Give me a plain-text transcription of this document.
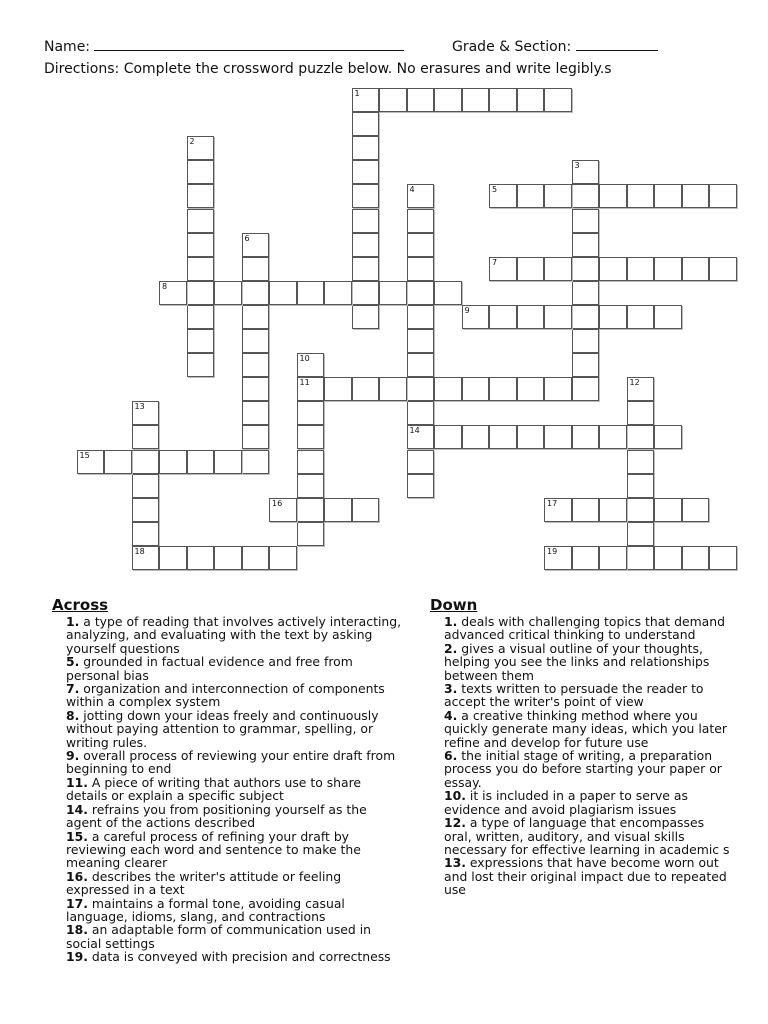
Name:	Grade & Section:
Directions: Complete the crossword puzzle below. No erasures and write legibly.s
1
2
3
4
14
5
6
7
8
9
10
11	12
13
18
15
16	17
19
Across

1. a type of reading that involves actively interacting, analyzing, and evaluating with the text by asking yourself questions

5. grounded in factual evidence and free from personal bias

7. organization and interconnection of components within a complex system

8. jotting down your ideas freely and continuously without paying attention to grammar, spelling, or writing rules.

9. overall process of reviewing your entire draft from beginning to end

11. A piece of writing that authors use to share details or explain a specific subject

14. refrains you from positioning yourself as the agent of the actions described

15. a careful process of refining your draft by reviewing each word and sentence to make the meaning clearer

16. describes the writer's attitude or feeling expressed in a text

17. maintains a formal tone, avoiding casual language, idioms, slang, and contractions

18. an adaptable form of communication used in social settings

19. data is conveyed with precision and correctness

Down

1. deals with challenging topics that demand advanced critical thinking to understand

2. gives a visual outline of your thoughts, helping you see the links and relationships between them

3. texts written to persuade the reader to accept the writer's point of view

4. a creative thinking method where you quickly generate many ideas, which you later refine and develop for future use

6. the initial stage of writing, a preparation process you do before starting your paper or essay.

10. it is included in a paper to serve as evidence and avoid plagiarism issues

12. a type of language that encompasses oral, written, auditory, and visual skills necessary for effective learning in academic s

13. expressions that have become worn out and lost their original impact due to repeated use
